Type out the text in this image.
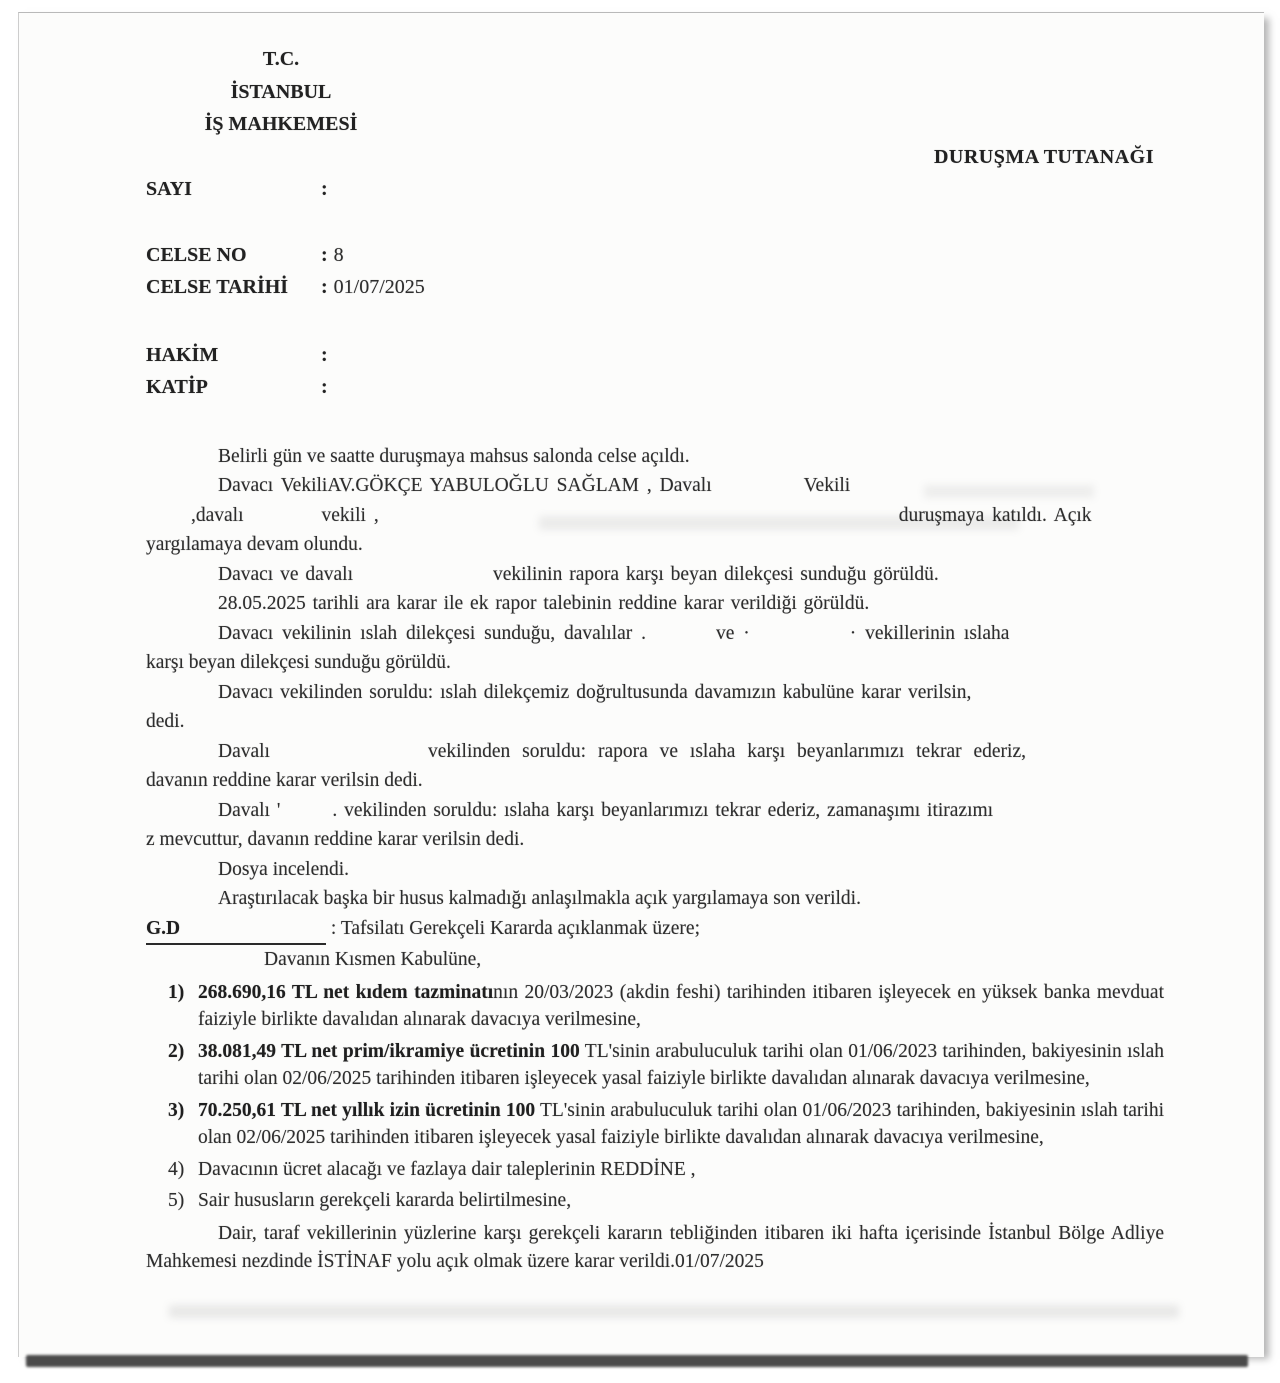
T.C.
İSTANBUL
İŞ MAHKEMESİ
DURUŞMA TUTANAĞI
SAYI	:
CELSE NO	: 8
CELSE TARİHİ : 01/07/2025
HAKİM	:
KATİP	:
Belirli gün ve saatte duruşmaya mahsus salonda celse açıldı.
Davacı VekiliAV.GÖKÇE YABULOĞLU SAĞLAM , Davalı	Vekili
,davalı	vekili ,	duruşmaya katıldı. Açık
yargılamaya devam olundu.
Davacı ve davalı	vekilinin rapora karşı beyan dilekçesi sunduğu görüldü.
28.05.2025 tarihli ara karar ile ek rapor talebinin reddine karar verildiği görüldü.
Davacı vekilinin ıslah dilekçesi sunduğu, davalılar .	ve ·	· vekillerinin ıslaha
karşı beyan dilekçesi sunduğu görüldü.
Davacı vekilinden soruldu: ıslah dilekçemiz doğrultusunda davamızın kabulüne karar verilsin,
dedi.
Davalı	vekilinden soruldu: rapora ve ıslaha karşı beyanlarımızı tekrar ederiz,
davanın reddine karar verilsin dedi.
Davalı '	. vekilinden soruldu: ıslaha karşı beyanlarımızı tekrar ederiz, zamanaşımı itirazımı
z mevcuttur, davanın reddine karar verilsin dedi.
Dosya incelendi.
Araştırılacak başka bir husus kalmadığı anlaşılmakla açık yargılamaya son verildi.
G.D	: Tafsilatı Gerekçeli Kararda açıklanmak üzere;
Davanın Kısmen Kabulüne,
1) 268.690,16 TL net kıdem tazminatının 20/03/2023 (akdin feshi) tarihinden itibaren işleyecek en yüksek banka mevduat faiziyle birlikte davalıdan alınarak davacıya verilmesine,
2) 38.081,49 TL net prim/ikramiye ücretinin 100 TL'sinin arabuluculuk tarihi olan 01/06/2023 tarihinden, bakiyesinin ıslah tarihi olan 02/06/2025 tarihinden itibaren işleyecek yasal faiziyle birlikte davalıdan alınarak davacıya verilmesine,
3) 70.250,61 TL net yıllık izin ücretinin 100 TL'sinin arabuluculuk tarihi olan 01/06/2023 tarihinden, bakiyesinin ıslah tarihi olan 02/06/2025 tarihinden itibaren işleyecek yasal faiziyle birlikte davalıdan alınarak davacıya verilmesine,
4) Davacının ücret alacağı ve fazlaya dair taleplerinin REDDİNE ,
5) Sair hususların gerekçeli kararda belirtilmesine,
Dair, taraf vekillerinin yüzlerine karşı gerekçeli kararın tebliğinden itibaren iki hafta içerisinde İstanbul Bölge Adliye Mahkemesi nezdinde İSTİNAF yolu açık olmak üzere karar verildi.01/07/2025
